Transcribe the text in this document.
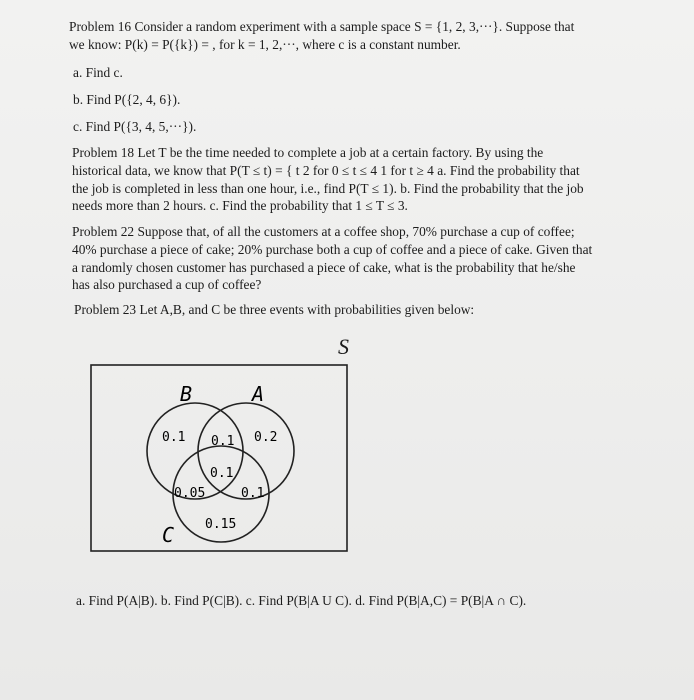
Problem 16 Consider a random experiment with a sample space S = {1, 2, 3,···}. Suppose that
we know: P(k) = P({k}) = , for k = 1, 2,···, where c is a constant number.
a. Find c.
b. Find P({2, 4, 6}).
c. Find P({3, 4, 5,···}).
Problem 18 Let T be the time needed to complete a job at a certain factory. By using the
historical data, we know that P(T ≤ t) = { t 2 for 0 ≤ t ≤ 4 1 for t ≥ 4 a. Find the probability that
the job is completed in less than one hour, i.e., find P(T ≤ 1). b. Find the probability that the job
needs more than 2 hours. c. Find the probability that 1 ≤ T ≤ 3.
Problem 22 Suppose that, of all the customers at a coffee shop, 70% purchase a cup of coffee;
40% purchase a piece of cake; 20% purchase both a cup of coffee and a piece of cake. Given that
a randomly chosen customer has purchased a piece of cake, what is the probability that he/she
has also purchased a cup of coffee?
Problem 23 Let A,B, and C be three events with probabilities given below:
S
B	A
C
0.1 0.1 0.2
0.1
0.05	0.1
0.15
a. Find P(A|B). b. Find P(C|B). c. Find P(B|A U C). d. Find P(B|A,C) = P(B|A ∩ C).
